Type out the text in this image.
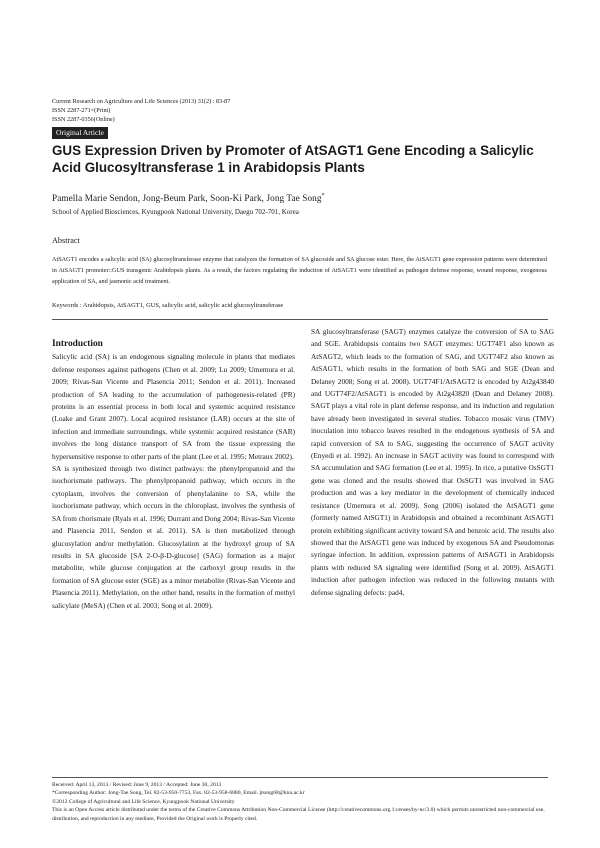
Current Research on Agriculture and Life Sciences (2013) 31(2) : 83-87
ISSN 2287-271×(Print)
ISSN 2287-0356(Online)
Original Article
GUS Expression Driven by Promoter of AtSAGT1 Gene Encoding a Salicylic Acid Glucosyltransferase 1 in Arabidopsis Plants
Pamella Marie Sendon, Jong-Beum Park, Soon-Ki Park, Jong Tae Song*
School of Applied Biosciences, Kyungpook National University, Daegu 702-701, Korea
Abstract
AtSAGT1 encodes a salicylic acid (SA) glucosyltransferase enzyme that catalyzes the formation of SA glucoside and SA glucose ester. Here, the AtSAGT1 gene expression patterns were determined in AtSAGT1 promoter::GUS transgenic Arabidopsis plants. As a result, the factors regulating the induction of AtSAGT1 were identified as pathogen defense response, wound response, exogenous application of SA, and jasmonic acid treatment.
Keywords : Arabidopsis, AtSAGT1, GUS, salicylic acid, salicylic acid glucosyltransferase
Introduction

Salicylic acid (SA) is an endogenous signaling molecule in plants that mediates defense responses against pathogens (Chen et al. 2009; Lu 2009; Umemura et al. 2009; Rivas-San Vicente and Plasencia 2011; Sendon et al. 2011). Increased production of SA leading to the accumulation of pathogenesis-related (PR) proteins is an essential process in both local and systemic acquired resistance (Loake and Grant 2007). Local acquired resistance (LAR) occurs at the site of infection and immediate surroundings, while systemic acquired resistance (SAR) involves the long distance transport of SA from the tissue expressing the hypersensitive response to other parts of the plant (Lee et al. 1995; Metraux 2002).

SA is synthesized through two distinct pathways: the phenylpropanoid and the isochorismate pathways. The phenylpropanoid pathway, which occurs in the cytoplasm, involves the conversion of phenylalanine to SA, while the isochorismate pathway, which occurs in the chloroplast, involves the synthesis of SA from chorismate (Ryals et al. 1996; Durrant and Dong 2004; Rivas-San Vicente and Plasencia 2011, Sendon et al. 2011). SA is then metabolized through glucosylation and/or methylation. Glucosylation at the hydroxyl group of SA results in SA glucoside [SA 2-O-β-D-glucose] (SAG) formation as a major metabolite, while glucose conjugation at the carboxyl group results in the formation of SA glucose ester (SGE) as a minor metabolite (Rivas-San Vicente and Plasencia 2011). Methylation, on the other hand, results in the formation of methyl salicylate (MeSA) (Chen et al. 2003; Song et al. 2009).

SA glucosyltransferase (SAGT) enzymes catalyze the conversion of SA to SAG and SGE. Arabidopsis contains two SAGT enzymes: UGT74F1 also known as AtSAGT2, which leads to the formation of SAG, and UGT74F2 also known as AtSAGT1, which results in the formation of both SAG and SGE (Dean and Delaney 2008; Song et al. 2008). UGT74F1/AtSAGT2 is encoded by At2g43840 and UGT74F2/AtSAGT1 is encoded by At2g43820 (Dean and Delaney 2008). SAGT plays a vital role in plant defense response, and its induction and regulation have already been investigated in several studies. Tobacco mosaic virus (TMV) inoculation into tobacco leaves resulted in the endogenous synthesis of SA and rapid conversion of SA to SAG, suggesting the occurrence of SAGT activity (Enyedi et al. 1992). An increase in SAGT activity was found to correspond with SA accumulation and SAG formation (Lee et al. 1995). In rice, a putative OsSGT1 gene was cloned and the results showed that OsSGT1 was involved in SAG production and was a key mediator in the development of chemically induced resistance (Umemura et al. 2009). Song (2006) isolated the AtSAGT1 gene (formerly named AtSGT1) in Arabidopsis and obtained a recombinant AtSAGT1 protein exhibiting significant activity toward SA and benzoic acid. The results also showed that the AtSAGT1 gene was induced by exogenous SA and Pseudomonas syringae infection. In addition, expression patterns of AtSAGT1 in Arabidopsis plants with reduced SA signaling were identified (Song et al. 2009). AtSAGT1 induction after pathogen infection was reduced in the following mutants with defense signaling defects: pad4,

Received: April 13, 2013 / Revised: June 9, 2013 / Accepted: June 30, 2013

*Corresponding Author: Jong-Tae Song, Tel. 82-53-950-7753, Fax. 82-53-958-6880, Email. jtsong68@knu.ac.kr

©2012 College of Agricultural and Life Science, Kyungpook National University

This is an Open Access article distributed under the terms of the Creative Commons Attribution Non-Commercial License (http://creativecommons.org.1:censes/by-nc/3.0) which permits unrestricted non-commercial use, distribution, and reproduction in any medium, Provided the Original work is Properly cited.
